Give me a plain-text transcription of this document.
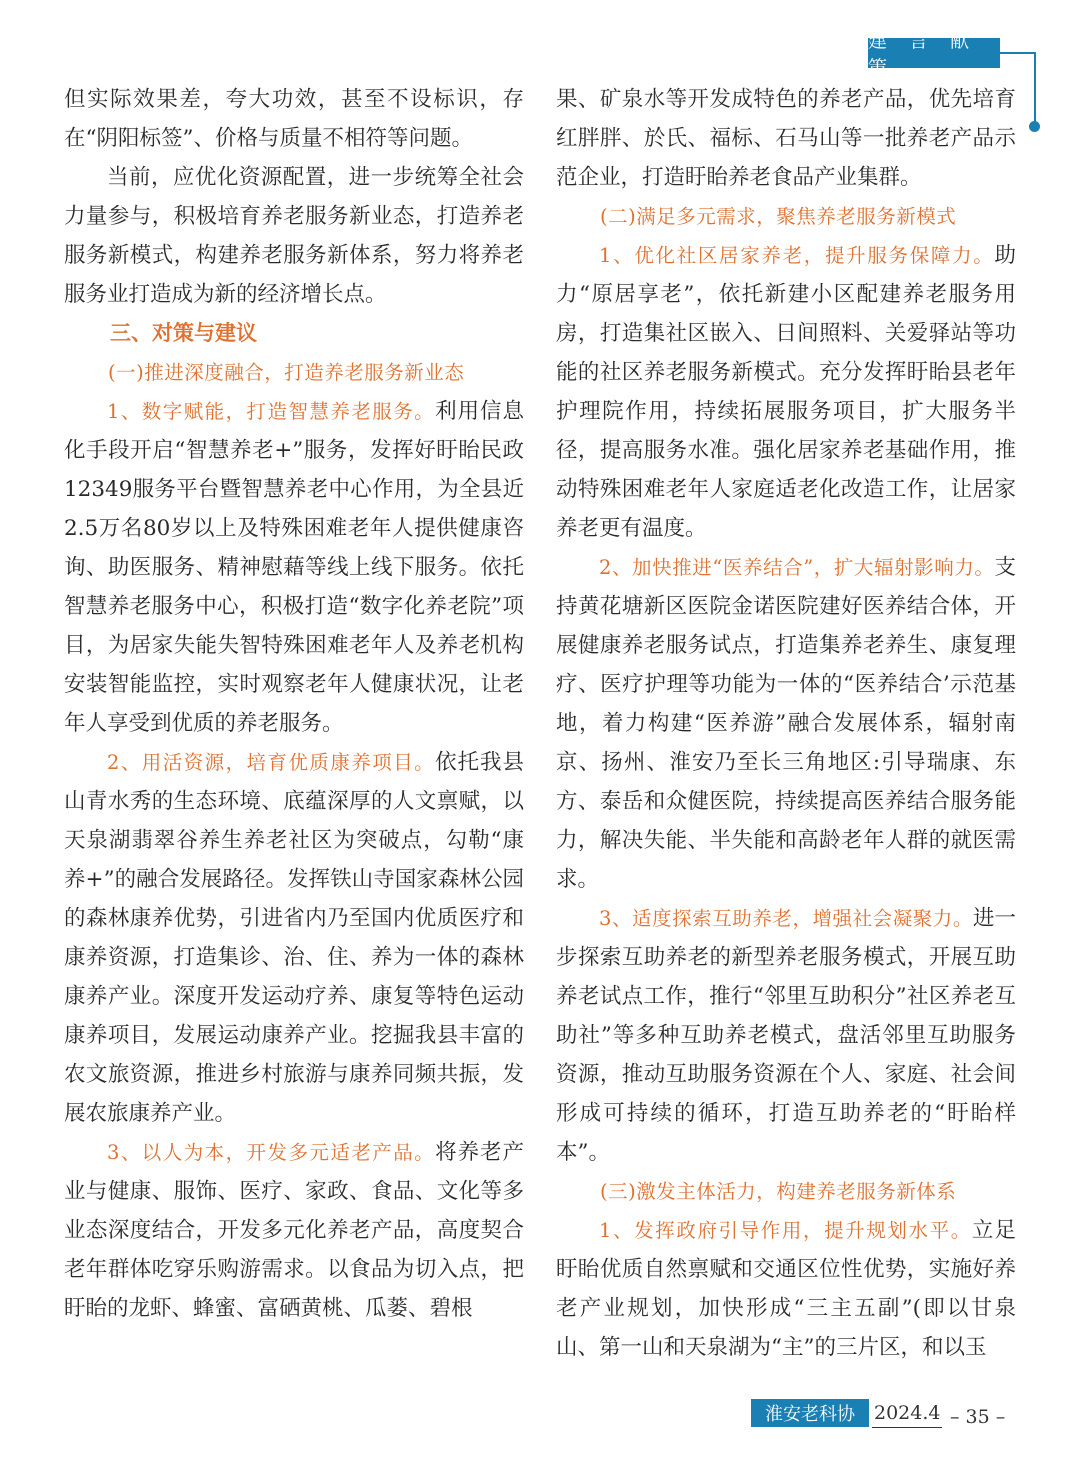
建 言 献 策

但实际效果差，夸大功效，甚至不设标识，存在“阴阳标签”、价格与质量不相符等问题。

当前，应优化资源配置，进一步统筹全社会力量参与，积极培育养老服务新业态，打造养老服务新模式，构建养老服务新体系，努力将养老服务业打造成为新的经济增长点。

三、对策与建议

(一)推进深度融合，打造养老服务新业态

1、数字赋能，打造智慧养老服务。利用信息化手段开启“智慧养老+”服务，发挥好盱眙民政12349服务平台暨智慧养老中心作用，为全县近2.5万名80岁以上及特殊困难老年人提供健康咨询、助医服务、精神慰藉等线上线下服务。依托智慧养老服务中心，积极打造“数字化养老院”项目，为居家失能失智特殊困难老年人及养老机构安装智能监控，实时观察老年人健康状况，让老年人享受到优质的养老服务。

2、用活资源，培育优质康养项目。依托我县山青水秀的生态环境、底蕴深厚的人文禀赋，以天泉湖翡翠谷养生养老社区为突破点，勾勒“康养+”的融合发展路径。发挥铁山寺国家森林公园的森林康养优势，引进省内乃至国内优质医疗和康养资源，打造集诊、治、住、养为一体的森林康养产业。深度开发运动疗养、康复等特色运动康养项目，发展运动康养产业。挖掘我县丰富的农文旅资源，推进乡村旅游与康养同频共振，发展农旅康养产业。

3、以人为本，开发多元适老产品。将养老产业与健康、服饰、医疗、家政、食品、文化等多业态深度结合，开发多元化养老产品，高度契合老年群体吃穿乐购游需求。以食品为切入点，把盱眙的龙虾、蜂蜜、富硒黄桃、瓜蒌、碧根

果、矿泉水等开发成特色的养老产品，优先培育红胖胖、於氏、福标、石马山等一批养老产品示范企业，打造盱眙养老食品产业集群。

(二)满足多元需求，聚焦养老服务新模式

1、优化社区居家养老，提升服务保障力。助力“原居享老”，依托新建小区配建养老服务用房，打造集社区嵌入、日间照料、关爱驿站等功能的社区养老服务新模式。充分发挥盱眙县老年护理院作用，持续拓展服务项目，扩大服务半径，提高服务水准。强化居家养老基础作用，推动特殊困难老年人家庭适老化改造工作，让居家养老更有温度。

2、加快推进“医养结合”，扩大辐射影响力。支持黄花塘新区医院金诺医院建好医养结合体，开展健康养老服务试点，打造集养老养生、康复理疗、医疗护理等功能为一体的“医养结合’示范基地，着力构建“医养游”融合发展体系，辐射南京、扬州、淮安乃至长三角地区:引导瑞康、东方、泰岳和众健医院，持续提高医养结合服务能力，解决失能、半失能和高龄老年人群的就医需求。

3、适度探索互助养老，增强社会凝聚力。进一步探索互助养老的新型养老服务模式，开展互助养老试点工作，推行“邻里互助积分”社区养老互助社”等多种互助养老模式，盘活邻里互助服务资源，推动互助服务资源在个人、家庭、社会间形成可持续的循环，打造互助养老的“盱眙样本”。

(三)激发主体活力，构建养老服务新体系

1、发挥政府引导作用，提升规划水平。立足盱眙优质自然禀赋和交通区位性优势，实施好养老产业规划，加快形成“三主五副”(即以甘泉山、第一山和天泉湖为“主”的三片区，和以玉

淮安老科协	2024.4 – 35 –
